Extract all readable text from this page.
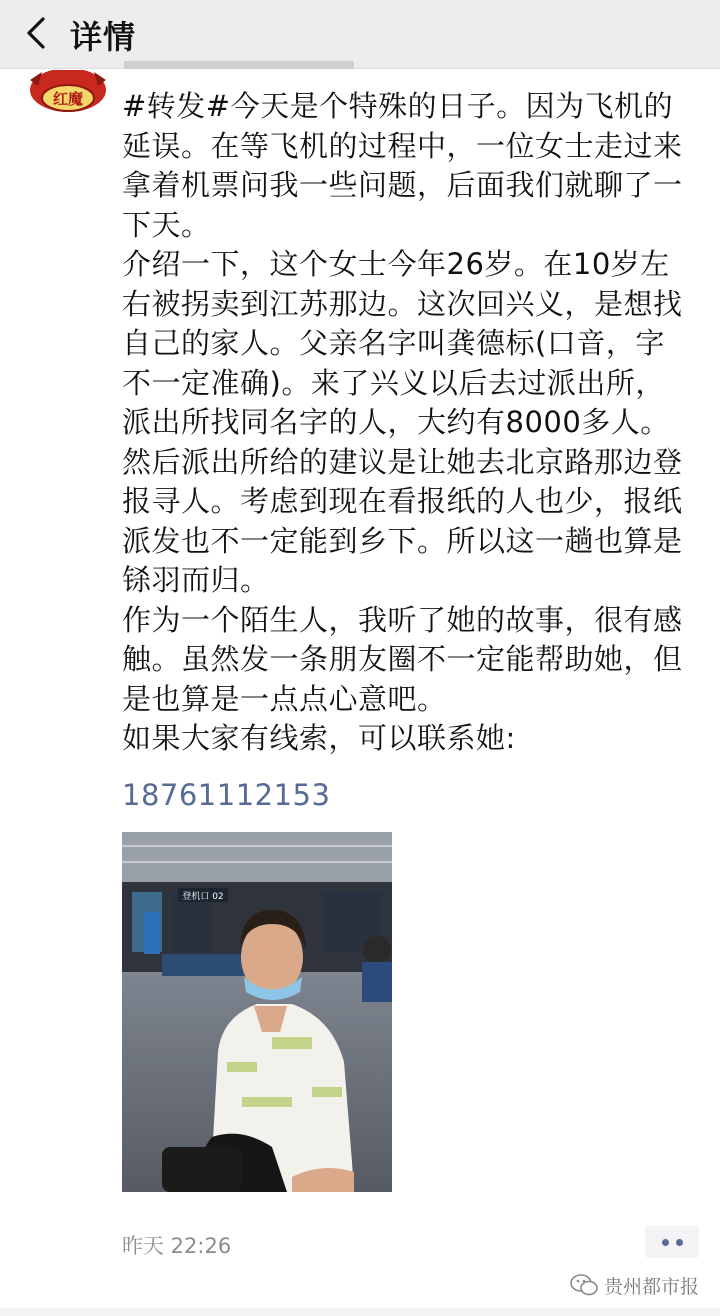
详情
红魔 #转发#今天是个特殊的日子。因为飞机的延误。在等飞机的过程中，一位女士走过来拿着机票问我一些问题，后面我们就聊了一下天。

介绍一下，这个女士今年26岁。在10岁左右被拐卖到江苏那边。这次回兴义，是想找自己的家人。父亲名字叫龚德标(口音，字不一定准确)。来了兴义以后去过派出所，派出所找同名字的人，大约有8000多人。然后派出所给的建议是让她去北京路那边登报寻人。考虑到现在看报纸的人也少，报纸派发也不一定能到乡下。所以这一趟也算是铩羽而归。

作为一个陌生人，我听了她的故事，很有感触。虽然发一条朋友圈不一定能帮助她，但是也算是一点点心意吧。

如果大家有线索，可以联系她:

18761112153
登机口 02
昨天 22:26
贵州都市报
